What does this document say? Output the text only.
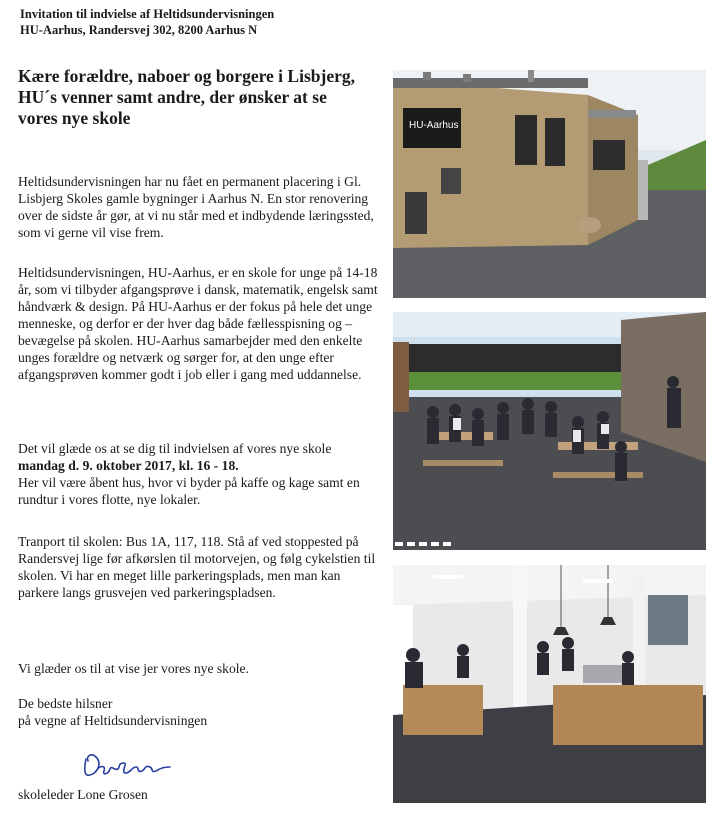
Invitation til indvielse af Heltidsundervisningen
HU-Aarhus, Randersvej 302, 8200 Aarhus N
Kære forældre, naboer og borgere i Lisbjerg,
HU´s venner samt andre, der ønsker at se
vores nye skole

Heltidsundervisningen har nu fået en permanent placering i Gl. Lisbjerg Skoles gamle bygninger i Aarhus N. En stor renovering over de sidste år gør, at vi nu står med et indbydende læringssted, som vi gerne vil vise frem.

Heltidsundervisningen, HU-Aarhus, er en skole for unge på 14-18 år, som vi tilbyder afgangsprøve i dansk, matematik, engelsk samt håndværk & design. På HU-Aarhus er der fokus på hele det unge menneske, og derfor er der hver dag både fællesspisning og –bevægelse på skolen. HU-Aarhus samarbejder med den enkelte unges forældre og netværk og sørger for, at den unge efter afgangsprøven kommer godt i job eller i gang med uddannelse.

Det vil glæde os at se dig til indvielsen af vores nye skole
mandag d. 9. oktober 2017, kl. 16 - 18.
Her vil være åbent hus, hvor vi byder på kaffe og kage samt en rundtur i vores flotte, nye lokaler.

Tranport til skolen: Bus 1A, 117, 118. Stå af ved stoppested på Randersvej lige før afkørslen til motorvejen, og følg cykelstien til skolen. Vi har en meget lille parkeringsplads, men man kan parkere langs grusvejen ved parkeringspladsen.

Vi glæder os til at vise jer vores nye skole.

De bedste hilsner
på vegne af Heltidsundervisningen
skoleleder Lone Grosen
HU-Aarhus
